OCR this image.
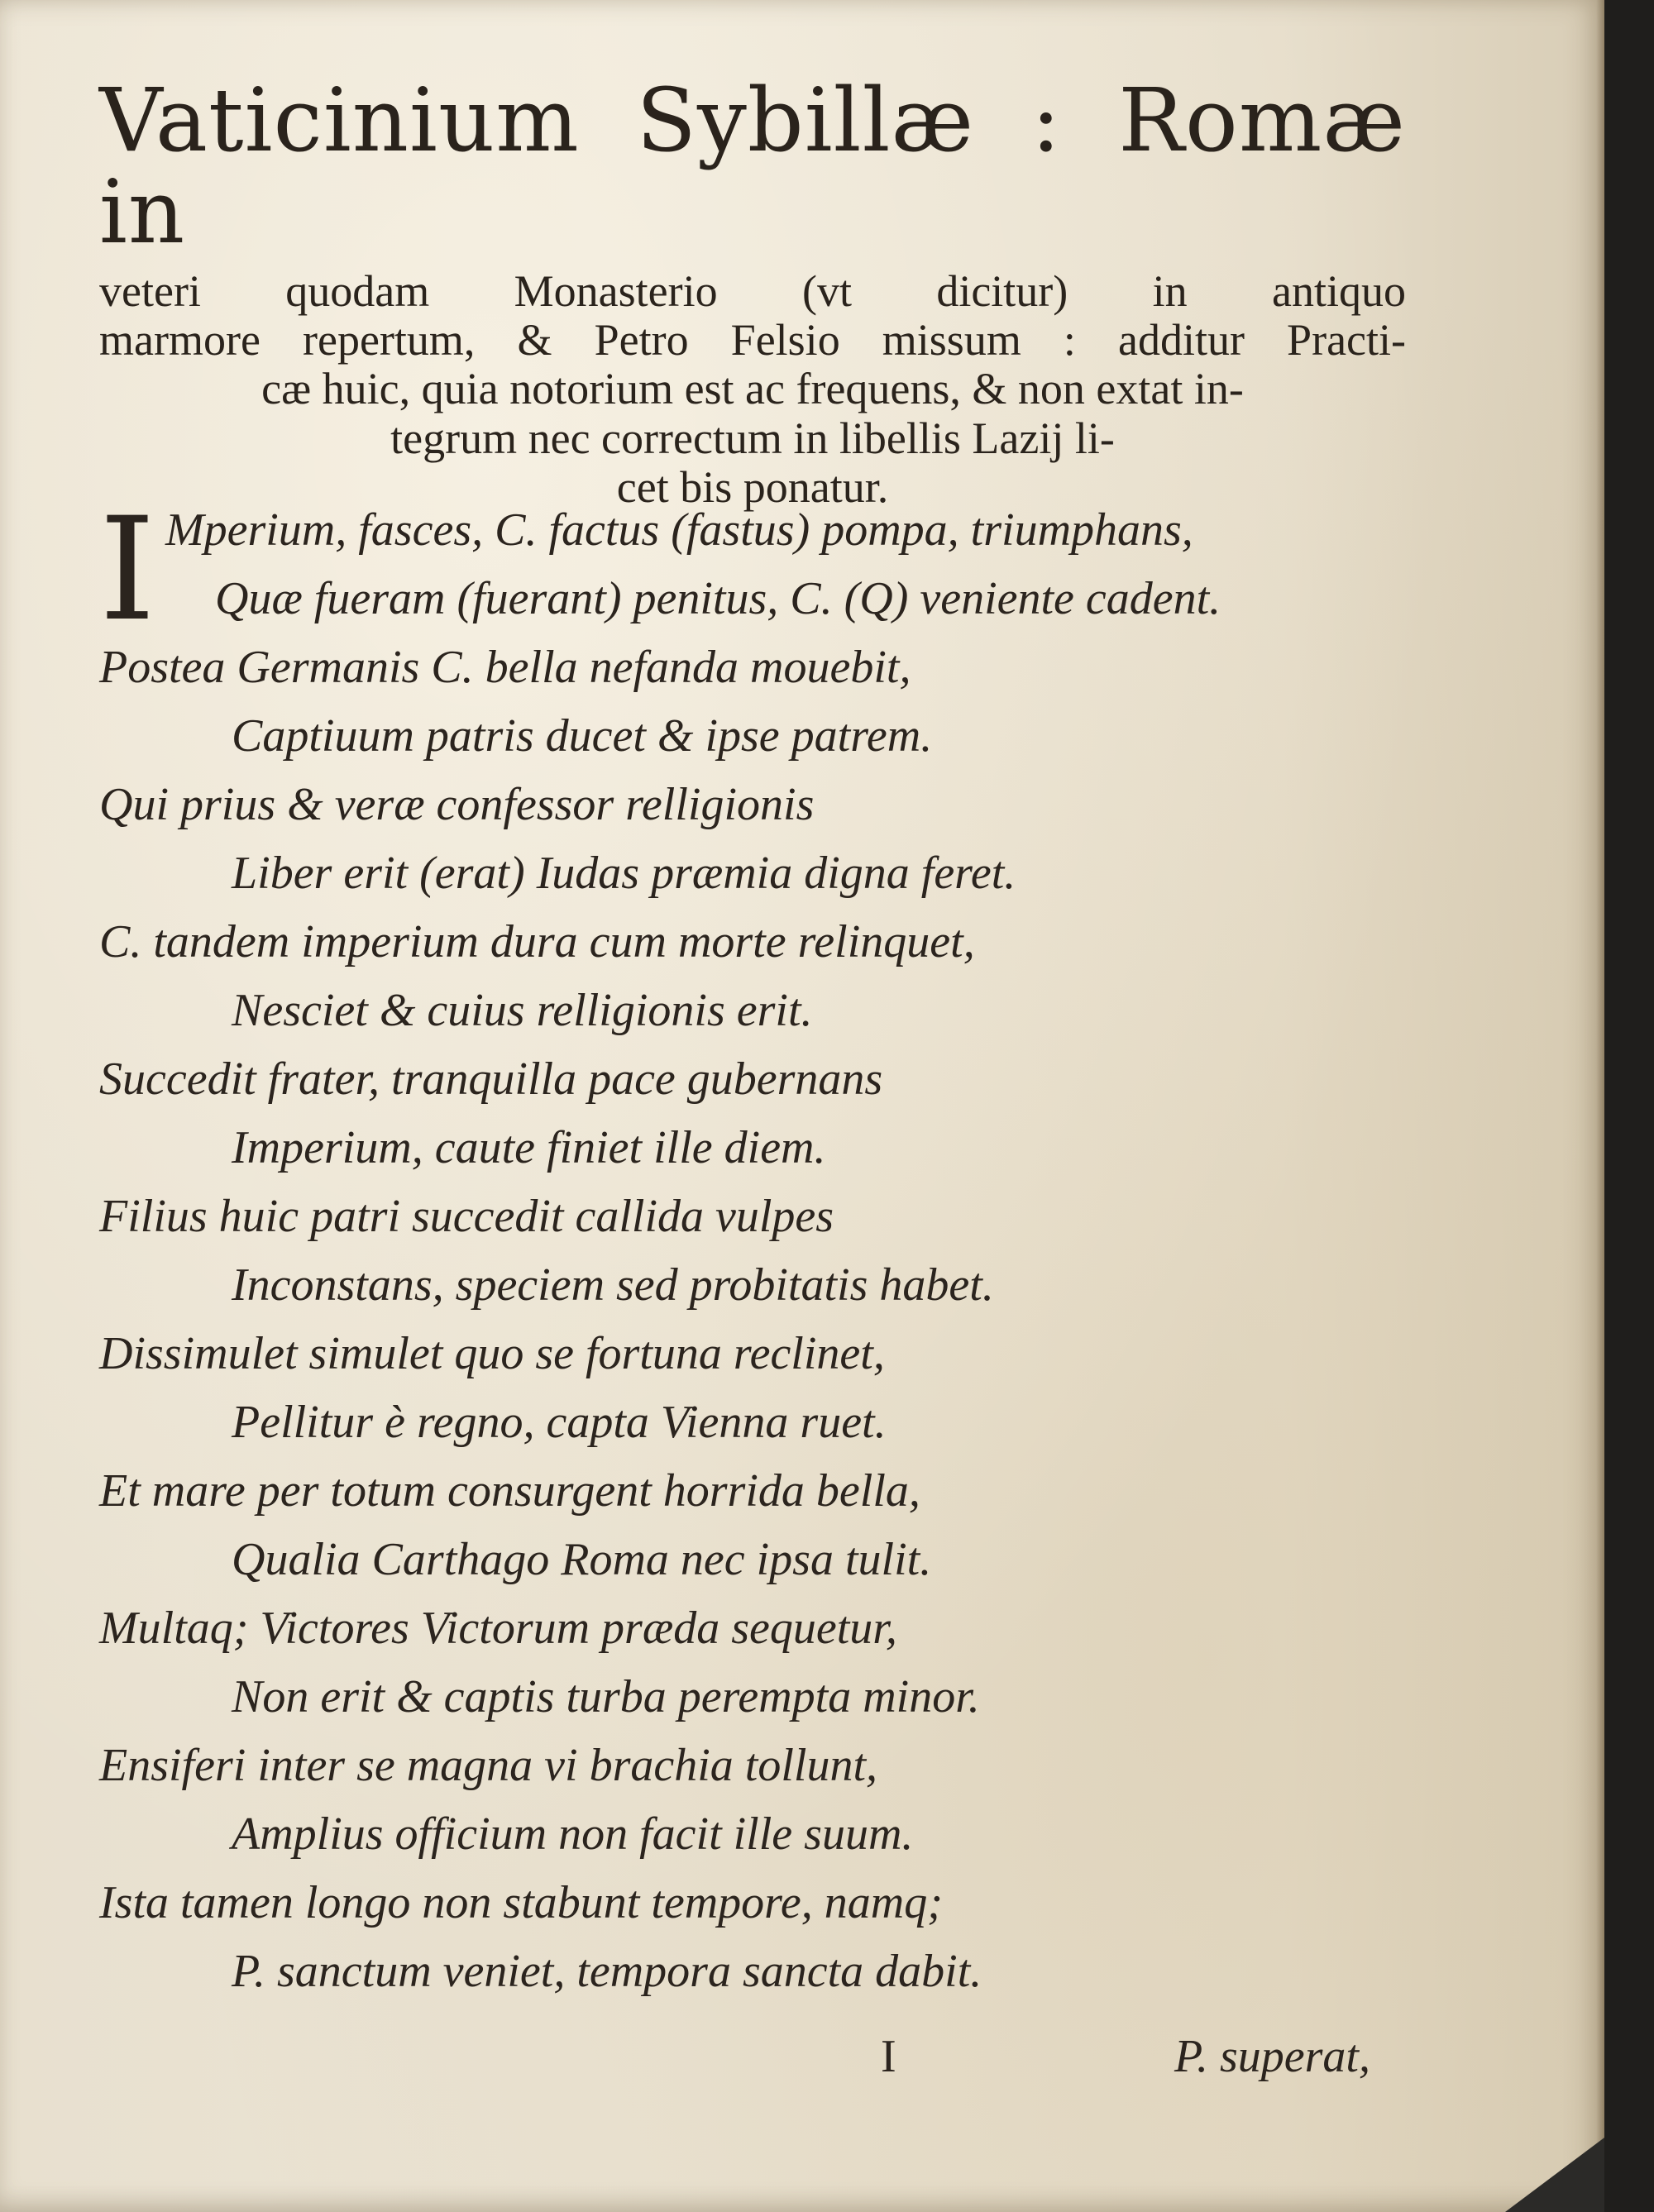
Vaticinium Sybillæ : Romæ in
veteri quodam Monasterio (vt dicitur) in antiquo
marmore repertum, & Petro Felsio missum : additur Practi-
cæ huic, quia notorium est ac frequens, & non extat in-
tegrum nec correctum in libellis Lazij li-
cet bis ponatur.
I Mperium, fasces, C. factus (fastus) pompa, triumphans,
Quæ fueram (fuerant) penitus, C. (Q) veniente cadent.
Postea Germanis C. bella nefanda mouebit,
Captiuum patris ducet & ipse patrem.
Qui prius & veræ confessor relligionis
Liber erit (erat) Iudas præmia digna feret.
C. tandem imperium dura cum morte relinquet,
Nesciet & cuius relligionis erit.
Succedit frater, tranquilla pace gubernans
Imperium, caute finiet ille diem.
Filius huic patri succedit callida vulpes
Inconstans, speciem sed probitatis habet.
Dissimulet simulet quo se fortuna reclinet,
Pellitur è regno, capta Vienna ruet.
Et mare per totum consurgent horrida bella,
Qualia Carthago Roma nec ipsa tulit.
Multaq; Victores Victorum præda sequetur,
Non erit & captis turba perempta minor.
Ensiferi inter se magna vi brachia tollunt,
Amplius officium non facit ille suum.
Ista tamen longo non stabunt tempore, namq;
P. sanctum veniet, tempora sancta dabit.
I	P. superat,
